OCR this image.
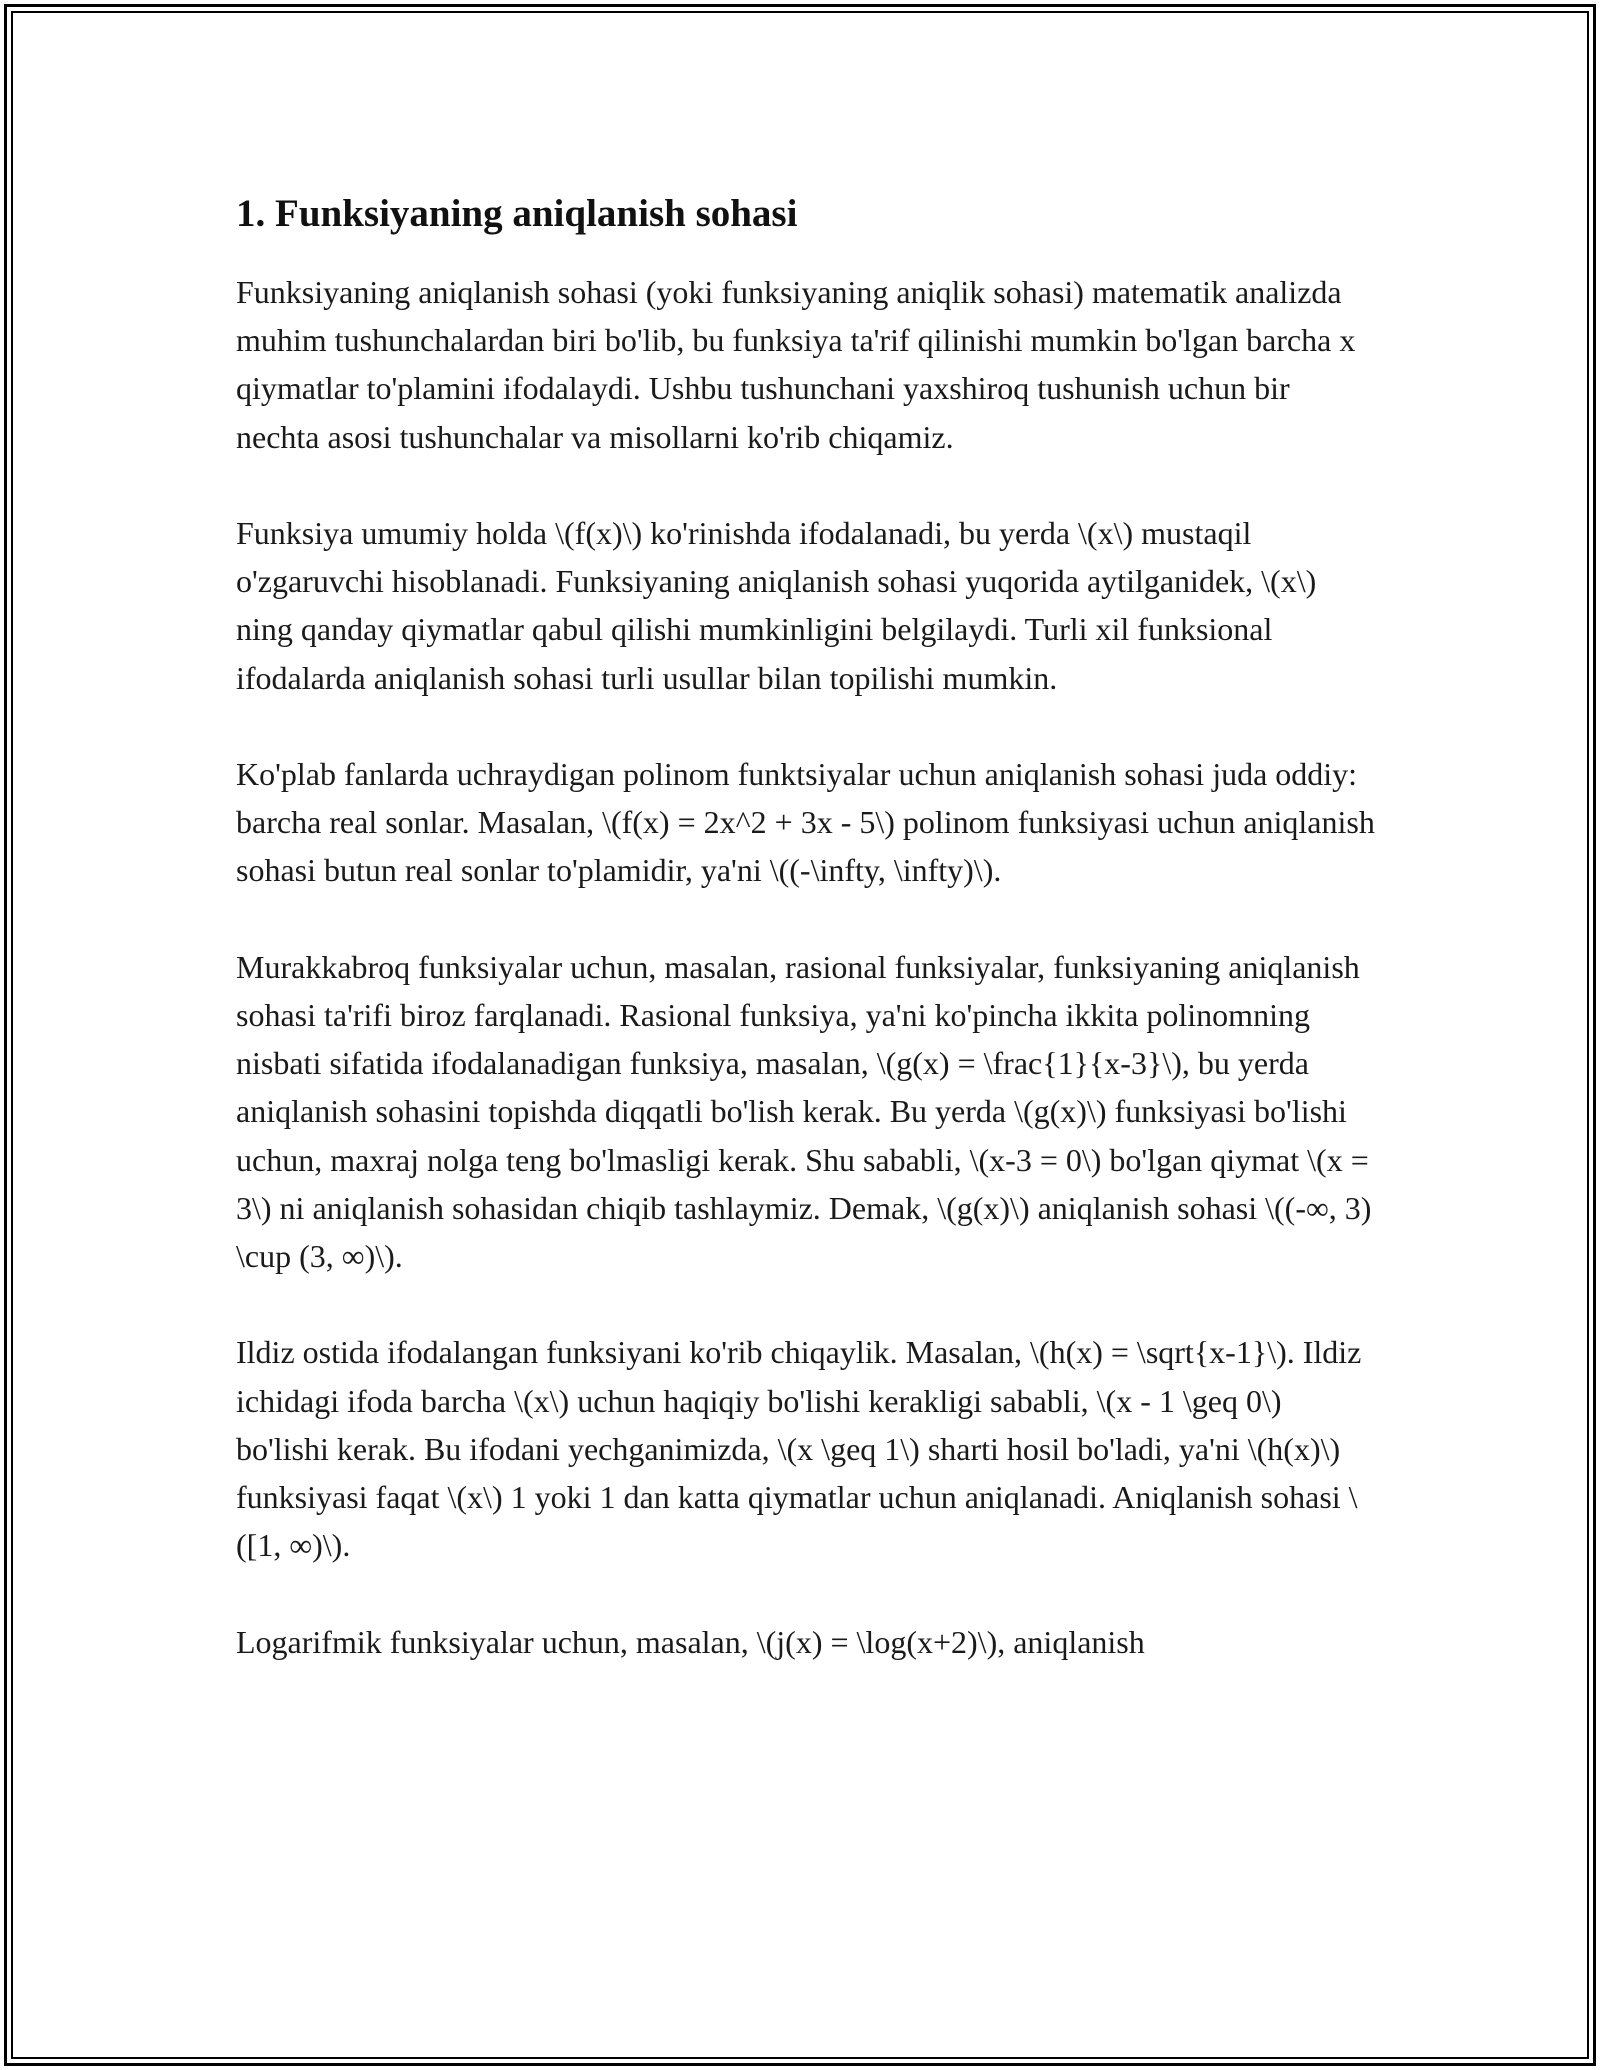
1. Funksiyaning aniqlanish sohasi

Funksiyaning aniqlanish sohasi (yoki funksiyaning aniqlik sohasi) matematik analizda muhim tushunchalardan biri bo'lib, bu funksiya ta'rif qilinishi mumkin bo'lgan barcha x qiymatlar to'plamini ifodalaydi. Ushbu tushunchani yaxshiroq tushunish uchun bir nechta asosi tushunchalar va misollarni ko'rib chiqamiz.

Funksiya umumiy holda \(f(x)\) ko'rinishda ifodalanadi, bu yerda \(x\) mustaqil o'zgaruvchi hisoblanadi. Funksiyaning aniqlanish sohasi yuqorida aytilganidek, \(x\) ning qanday qiymatlar qabul qilishi mumkinligini belgilaydi. Turli xil funksional ifodalarda aniqlanish sohasi turli usullar bilan topilishi mumkin.

Ko'plab fanlarda uchraydigan polinom funktsiyalar uchun aniqlanish sohasi juda oddiy: barcha real sonlar. Masalan, \(f(x) = 2x^2 + 3x - 5\) polinom funksiyasi uchun aniqlanish sohasi butun real sonlar to'plamidir, ya'ni \((-\infty, \infty)\).

Murakkabroq funksiyalar uchun, masalan, rasional funksiyalar, funksiyaning aniqlanish sohasi ta'rifi biroz farqlanadi. Rasional funksiya, ya'ni ko'pincha ikkita polinomning nisbati sifatida ifodalanadigan funksiya, masalan, \(g(x) = \frac{1}{x-3}\), bu yerda aniqlanish sohasini topishda diqqatli bo'lish kerak. Bu yerda \(g(x)\) funksiyasi bo'lishi uchun, maxraj nolga teng bo'lmasligi kerak. Shu sababli, \(x-3 = 0\) bo'lgan qiymat \(x = 3\) ni aniqlanish sohasidan chiqib tashlaymiz. Demak, \(g(x)\) aniqlanish sohasi \((-∞, 3) \cup (3, ∞)\).

Ildiz ostida ifodalangan funksiyani ko'rib chiqaylik. Masalan, \(h(x) = \sqrt{x-1}\). Ildiz ichidagi ifoda barcha \(x\) uchun haqiqiy bo'lishi kerakligi sababli, \(x - 1 \geq 0\) bo'lishi kerak. Bu ifodani yechganimizda, \(x \geq 1\) sharti hosil bo'ladi, ya'ni \(h(x)\) funksiyasi faqat \(x\) 1 yoki 1 dan katta qiymatlar uchun aniqlanadi. Aniqlanish sohasi \([1, ∞)\).

Logarifmik funksiyalar uchun, masalan, \(j(x) = \log(x+2)\), aniqlanish
